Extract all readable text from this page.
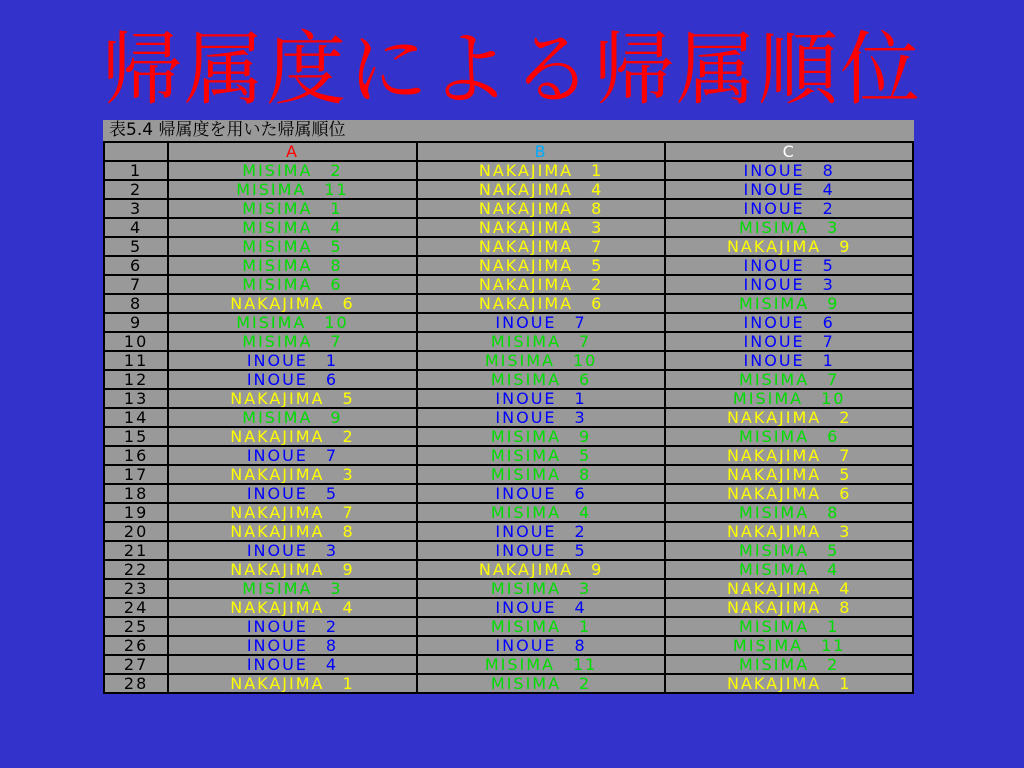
帰属度による帰属順位
表5.4 帰属度を用いた帰属順位
	A	B	C
1	MISIMA　2	NAKAJIMA　1	INOUE　8
2	MISIMA　11	NAKAJIMA　4	INOUE　4
3	MISIMA　1	NAKAJIMA　8	INOUE　2
4	MISIMA　4	NAKAJIMA　3	MISIMA　3
5	MISIMA　5	NAKAJIMA　7	NAKAJIMA　9
6	MISIMA　8	NAKAJIMA　5	INOUE　5
7	MISIMA　6	NAKAJIMA　2	INOUE　3
8	NAKAJIMA　6	NAKAJIMA　6	MISIMA　9
9	MISIMA　10	INOUE　7	INOUE　6
10	MISIMA　7	MISIMA　7	INOUE　7
11	INOUE　1	MISIMA　10	INOUE　1
12	INOUE　6	MISIMA　6	MISIMA　7
13	NAKAJIMA　5	INOUE　1	MISIMA　10
14	MISIMA　9	INOUE　3	NAKAJIMA　2
15	NAKAJIMA　2	MISIMA　9	MISIMA　6
16	INOUE　7	MISIMA　5	NAKAJIMA　7
17	NAKAJIMA　3	MISIMA　8	NAKAJIMA　5
18	INOUE　5	INOUE　6	NAKAJIMA　6
19	NAKAJIMA　7	MISIMA　4	MISIMA　8
20	NAKAJIMA　8	INOUE　2	NAKAJIMA　3
21	INOUE　3	INOUE　5	MISIMA　5
22	NAKAJIMA　9	NAKAJIMA　9	MISIMA　4
23	MISIMA　3	MISIMA　3	NAKAJIMA　4
24	NAKAJIMA　4	INOUE　4	NAKAJIMA　8
25	INOUE　2	MISIMA　1	MISIMA　1
26	INOUE　8	INOUE　8	MISIMA　11
27	INOUE　4	MISIMA　11	MISIMA　2
28	NAKAJIMA　1	MISIMA　2	NAKAJIMA　1
